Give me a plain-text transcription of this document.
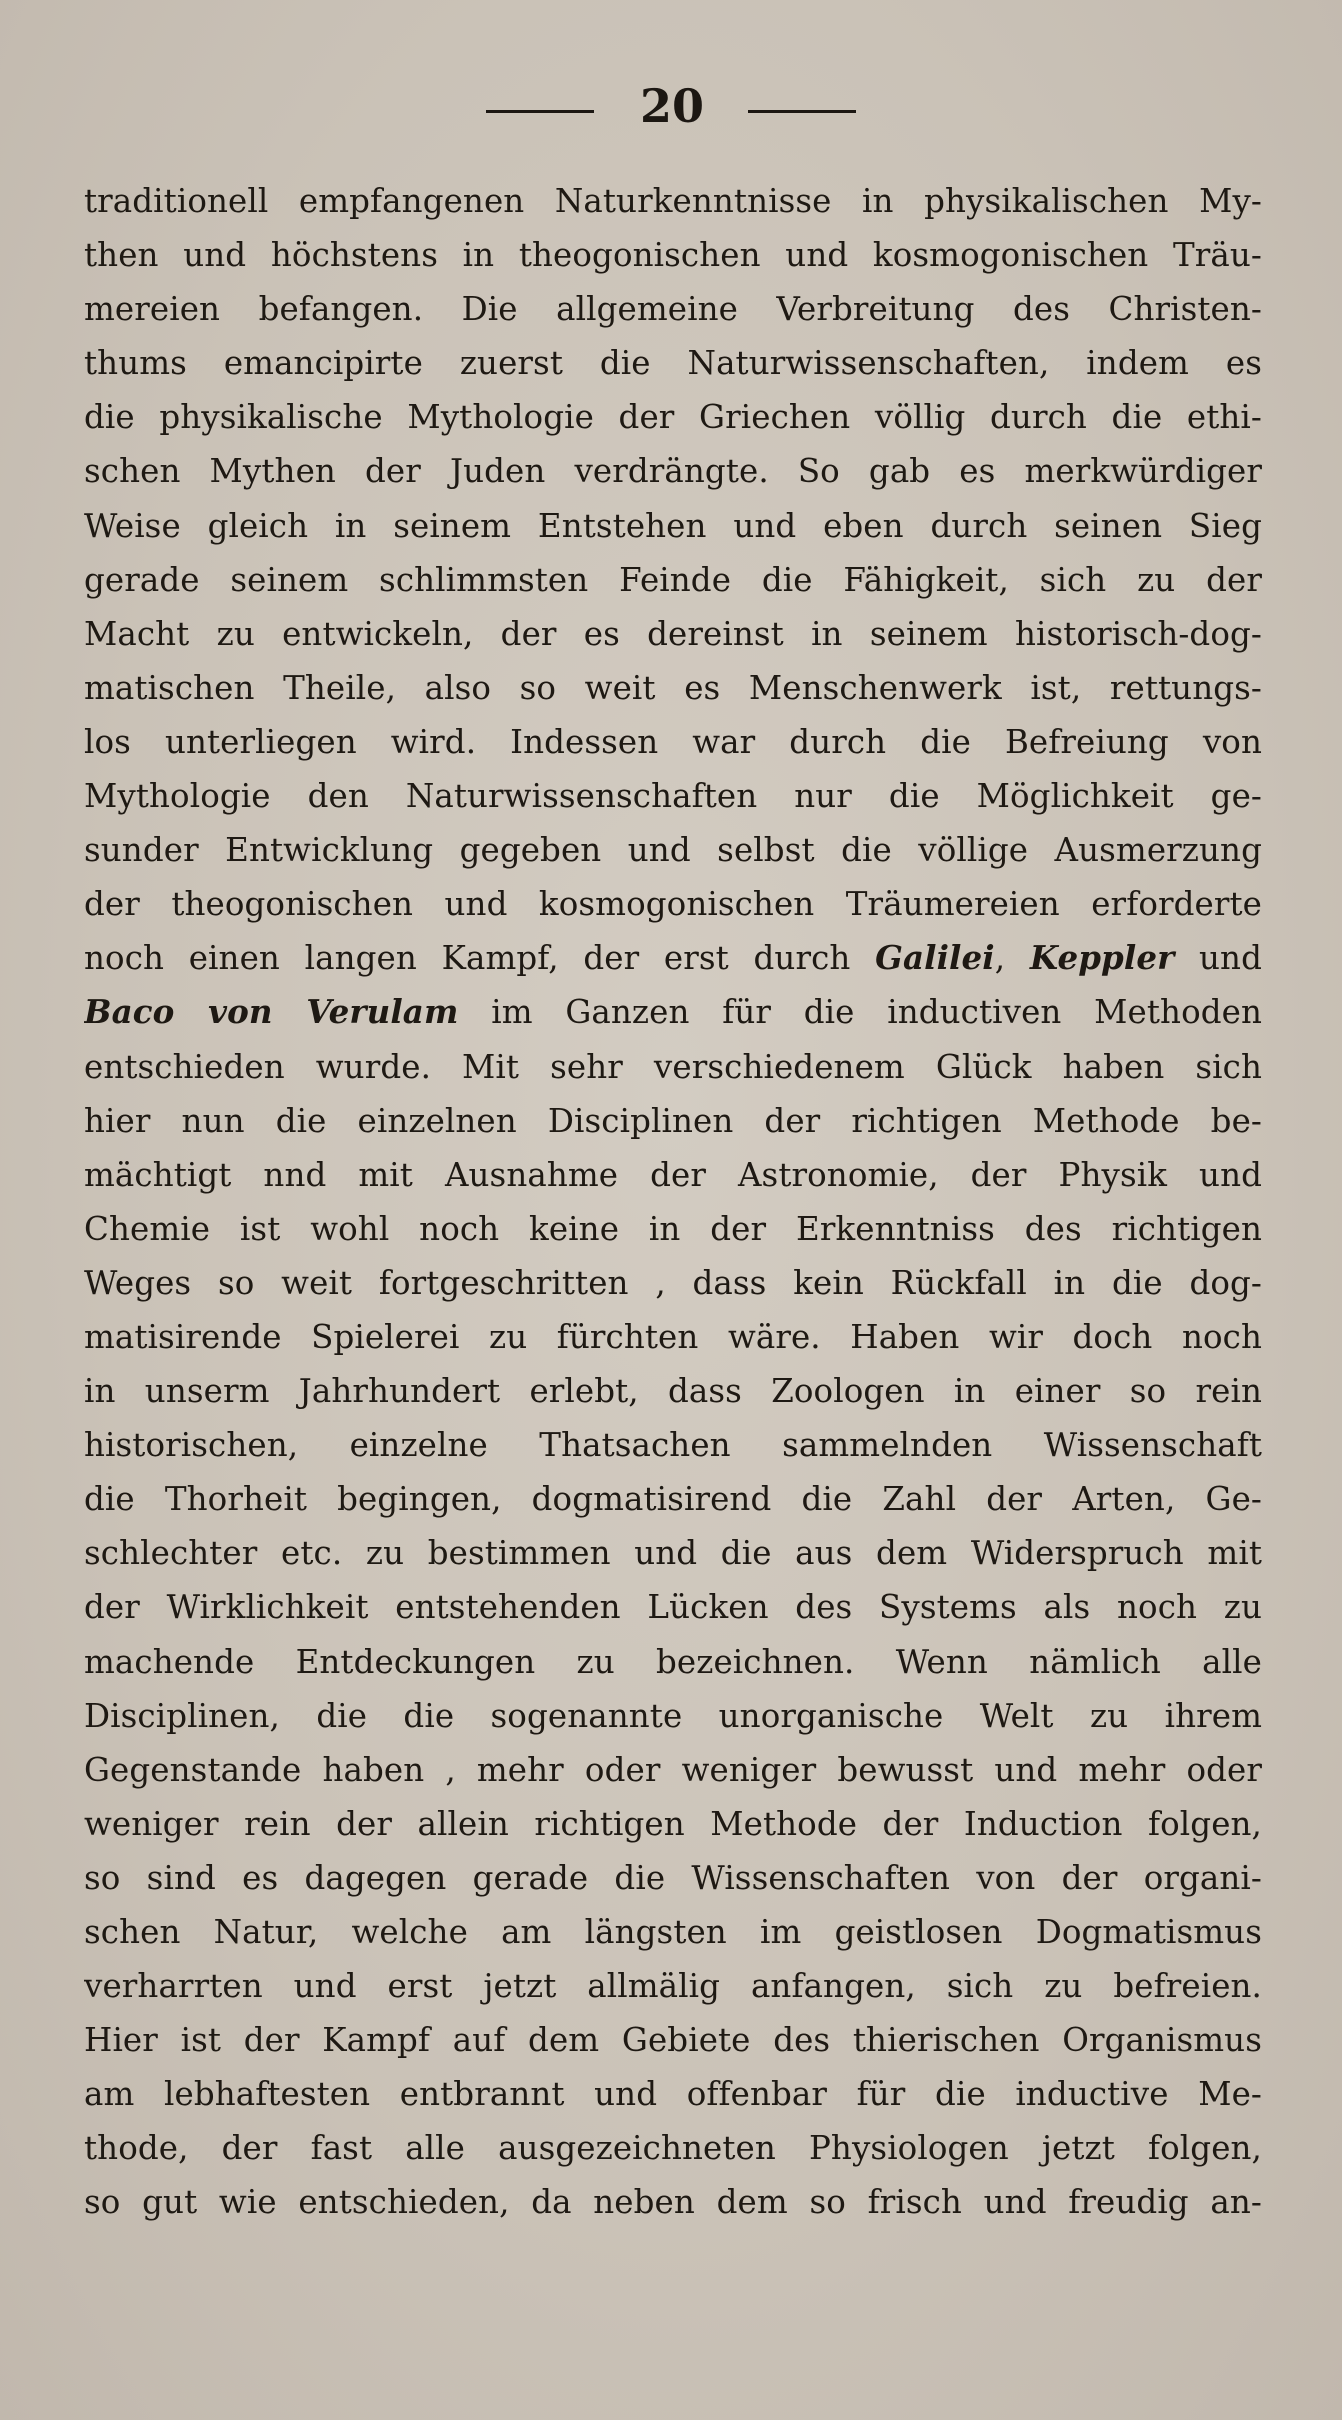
20
traditionell empfangenen Naturkenntnisse in physikalischen My-
then und höchstens in theogonischen und kosmogonischen Träu-
mereien befangen. Die allgemeine Verbreitung des Christen-
thums emancipirte zuerst die Naturwissenschaften, indem es
die physikalische Mythologie der Griechen völlig durch die ethi-
schen Mythen der Juden verdrängte. So gab es merkwürdiger
Weise gleich in seinem Entstehen und eben durch seinen Sieg
gerade seinem schlimmsten Feinde die Fähigkeit, sich zu der
Macht zu entwickeln, der es dereinst in seinem historisch-dog-
matischen Theile, also so weit es Menschenwerk ist, rettungs-
los unterliegen wird. Indessen war durch die Befreiung von
Mythologie den Naturwissenschaften nur die Möglichkeit ge-
sunder Entwicklung gegeben und selbst die völlige Ausmerzung
der theogonischen und kosmogonischen Träumereien erforderte
noch einen langen Kampf, der erst durch Galilei, Keppler und
Baco von Verulam im Ganzen für die inductiven Methoden
entschieden wurde. Mit sehr verschiedenem Glück haben sich
hier nun die einzelnen Disciplinen der richtigen Methode be-
mächtigt nnd mit Ausnahme der Astronomie, der Physik und
Chemie ist wohl noch keine in der Erkenntniss des richtigen
Weges so weit fortgeschritten , dass kein Rückfall in die dog-
matisirende Spielerei zu fürchten wäre. Haben wir doch noch
in unserm Jahrhundert erlebt, dass Zoologen in einer so rein
historischen, einzelne Thatsachen sammelnden Wissenschaft
die Thorheit begingen, dogmatisirend die Zahl der Arten, Ge-
schlechter etc. zu bestimmen und die aus dem Widerspruch mit
der Wirklichkeit entstehenden Lücken des Systems als noch zu
machende Entdeckungen zu bezeichnen. Wenn nämlich alle
Disciplinen, die die sogenannte unorganische Welt zu ihrem
Gegenstande haben , mehr oder weniger bewusst und mehr oder
weniger rein der allein richtigen Methode der Induction folgen,
so sind es dagegen gerade die Wissenschaften von der organi-
schen Natur, welche am längsten im geistlosen Dogmatismus
verharrten und erst jetzt allmälig anfangen, sich zu befreien.
Hier ist der Kampf auf dem Gebiete des thierischen Organismus
am lebhaftesten entbrannt und offenbar für die inductive Me-
thode, der fast alle ausgezeichneten Physiologen jetzt folgen,
so gut wie entschieden, da neben dem so frisch und freudig an-
